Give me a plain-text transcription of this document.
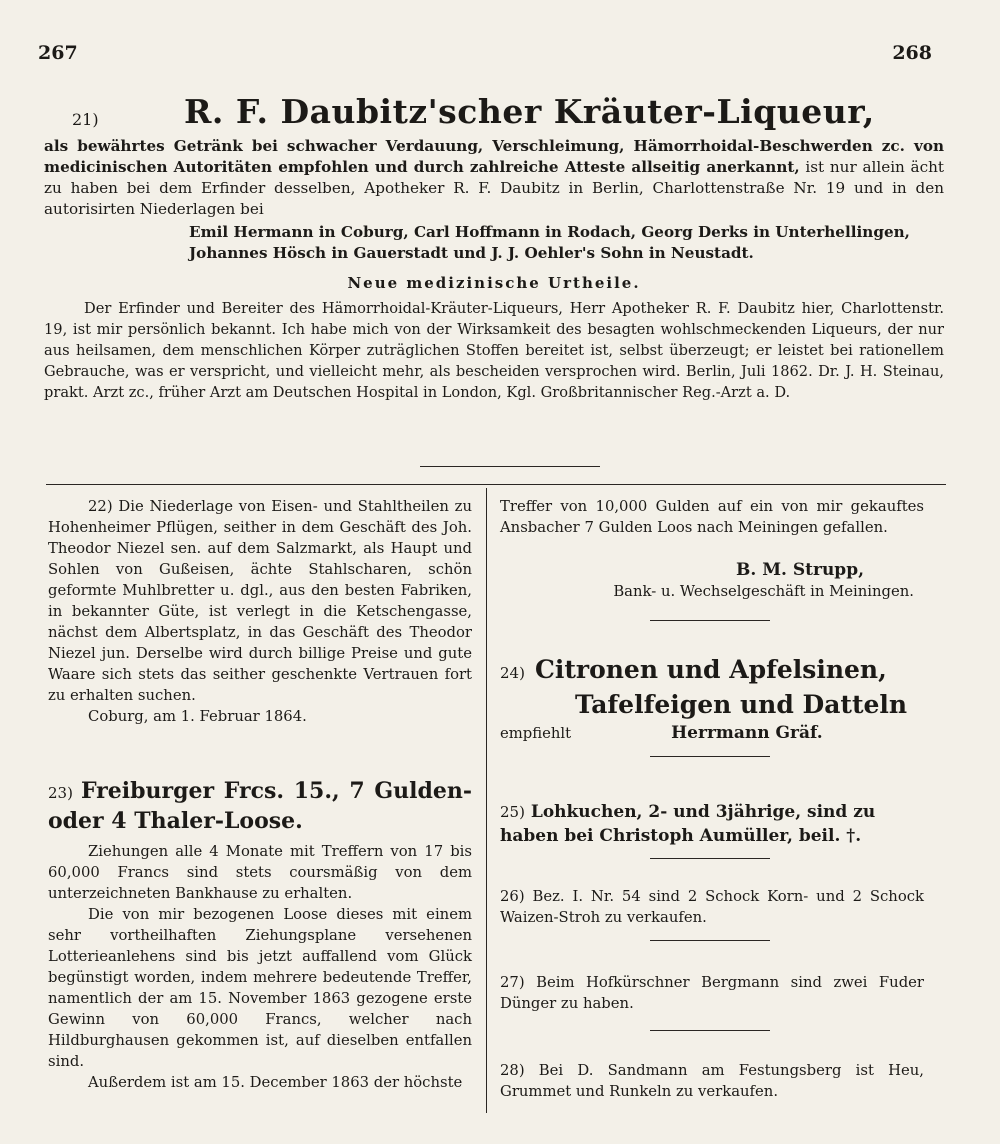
267	268
21)	R. F. Daubitz'scher Kräuter-Liqueur,
als bewährtes Getränk bei schwacher Verdauung, Verschleimung, Hämorrhoidal-Beschwerden zc. von medicinischen Autoritäten empfohlen und durch zahlreiche Atteste allseitig anerkannt, ist nur allein ächt zu haben bei dem Erfinder desselben, Apotheker R. F. Daubitz in Berlin, Charlottenstraße Nr. 19 und in den autorisirten Niederlagen bei
Emil Hermann in Coburg, Carl Hoffmann in Rodach, Georg Derks in Unterhellingen, Johannes Hösch in Gauerstadt und J. J. Oehler's Sohn in Neustadt.
Neue medizinische Urtheile.
Der Erfinder und Bereiter des Hämorrhoidal-Kräuter-Liqueurs, Herr Apotheker R. F. Daubitz hier, Charlottenstr. 19, ist mir persönlich bekannt. Ich habe mich von der Wirksamkeit des besagten wohlschmeckenden Liqueurs, der nur aus heilsamen, dem menschlichen Körper zuträglichen Stoffen bereitet ist, selbst überzeugt; er leistet bei rationellem Gebrauche, was er verspricht, und vielleicht mehr, als bescheiden versprochen wird. Berlin, Juli 1862. Dr. J. H. Steinau, prakt. Arzt zc., früher Arzt am Deutschen Hospital in London, Kgl. Großbritannischer Reg.-Arzt a. D.

22) Die Niederlage von Eisen- und Stahltheilen zu Hohenheimer Pflügen, seither in dem Geschäft des Joh. Theodor Niezel sen. auf dem Salzmarkt, als Haupt und Sohlen von Gußeisen, ächte Stahlscharen, schön geformte Muhlbretter u. dgl., aus den besten Fabriken, in bekannter Güte, ist verlegt in die Ketschengasse, nächst dem Albertsplatz, in das Geschäft des Theodor Niezel jun. Derselbe wird durch billige Preise und gute Waare sich stets das seither geschenkte Vertrauen fort zu erhalten suchen.

Coburg, am 1. Februar 1864.

23) Freiburger Frcs. 15., 7 Gulden- oder 4 Thaler-Loose.

Ziehungen alle 4 Monate mit Treffern von 17 bis 60,000 Francs sind stets coursmäßig von dem unterzeichneten Bankhause zu erhalten.

Die von mir bezogenen Loose dieses mit einem sehr vortheilhaften Ziehungsplane versehenen Lotterieanlehens sind bis jetzt auffallend vom Glück begünstigt worden, indem mehrere bedeutende Treffer, namentlich der am 15. November 1863 gezogene erste Gewinn von 60,000 Francs, welcher nach Hildburghausen gekommen ist, auf dieselben entfallen sind.

Außerdem ist am 15. December 1863 der höchste

Treffer von 10,000 Gulden auf ein von mir gekauftes Ansbacher 7 Gulden Loos nach Meiningen gefallen.

B. M. Strupp,
Bank- u. Wechselgeschäft in Meiningen.
24) Citronen und Apfelsinen,
Tafelfeigen und Datteln
empfiehlt	Herrmann Gräf.
25) Lohkuchen, 2- und 3jährige, sind zu haben bei Christoph Aumüller, beil. †.

26) Bez. I. Nr. 54 sind 2 Schock Korn- und 2 Schock Waizen-Stroh zu verkaufen.

27) Beim Hofkürschner Bergmann sind zwei Fuder Dünger zu haben.

28) Bei D. Sandmann am Festungsberg ist Heu, Grummet und Runkeln zu verkaufen.
